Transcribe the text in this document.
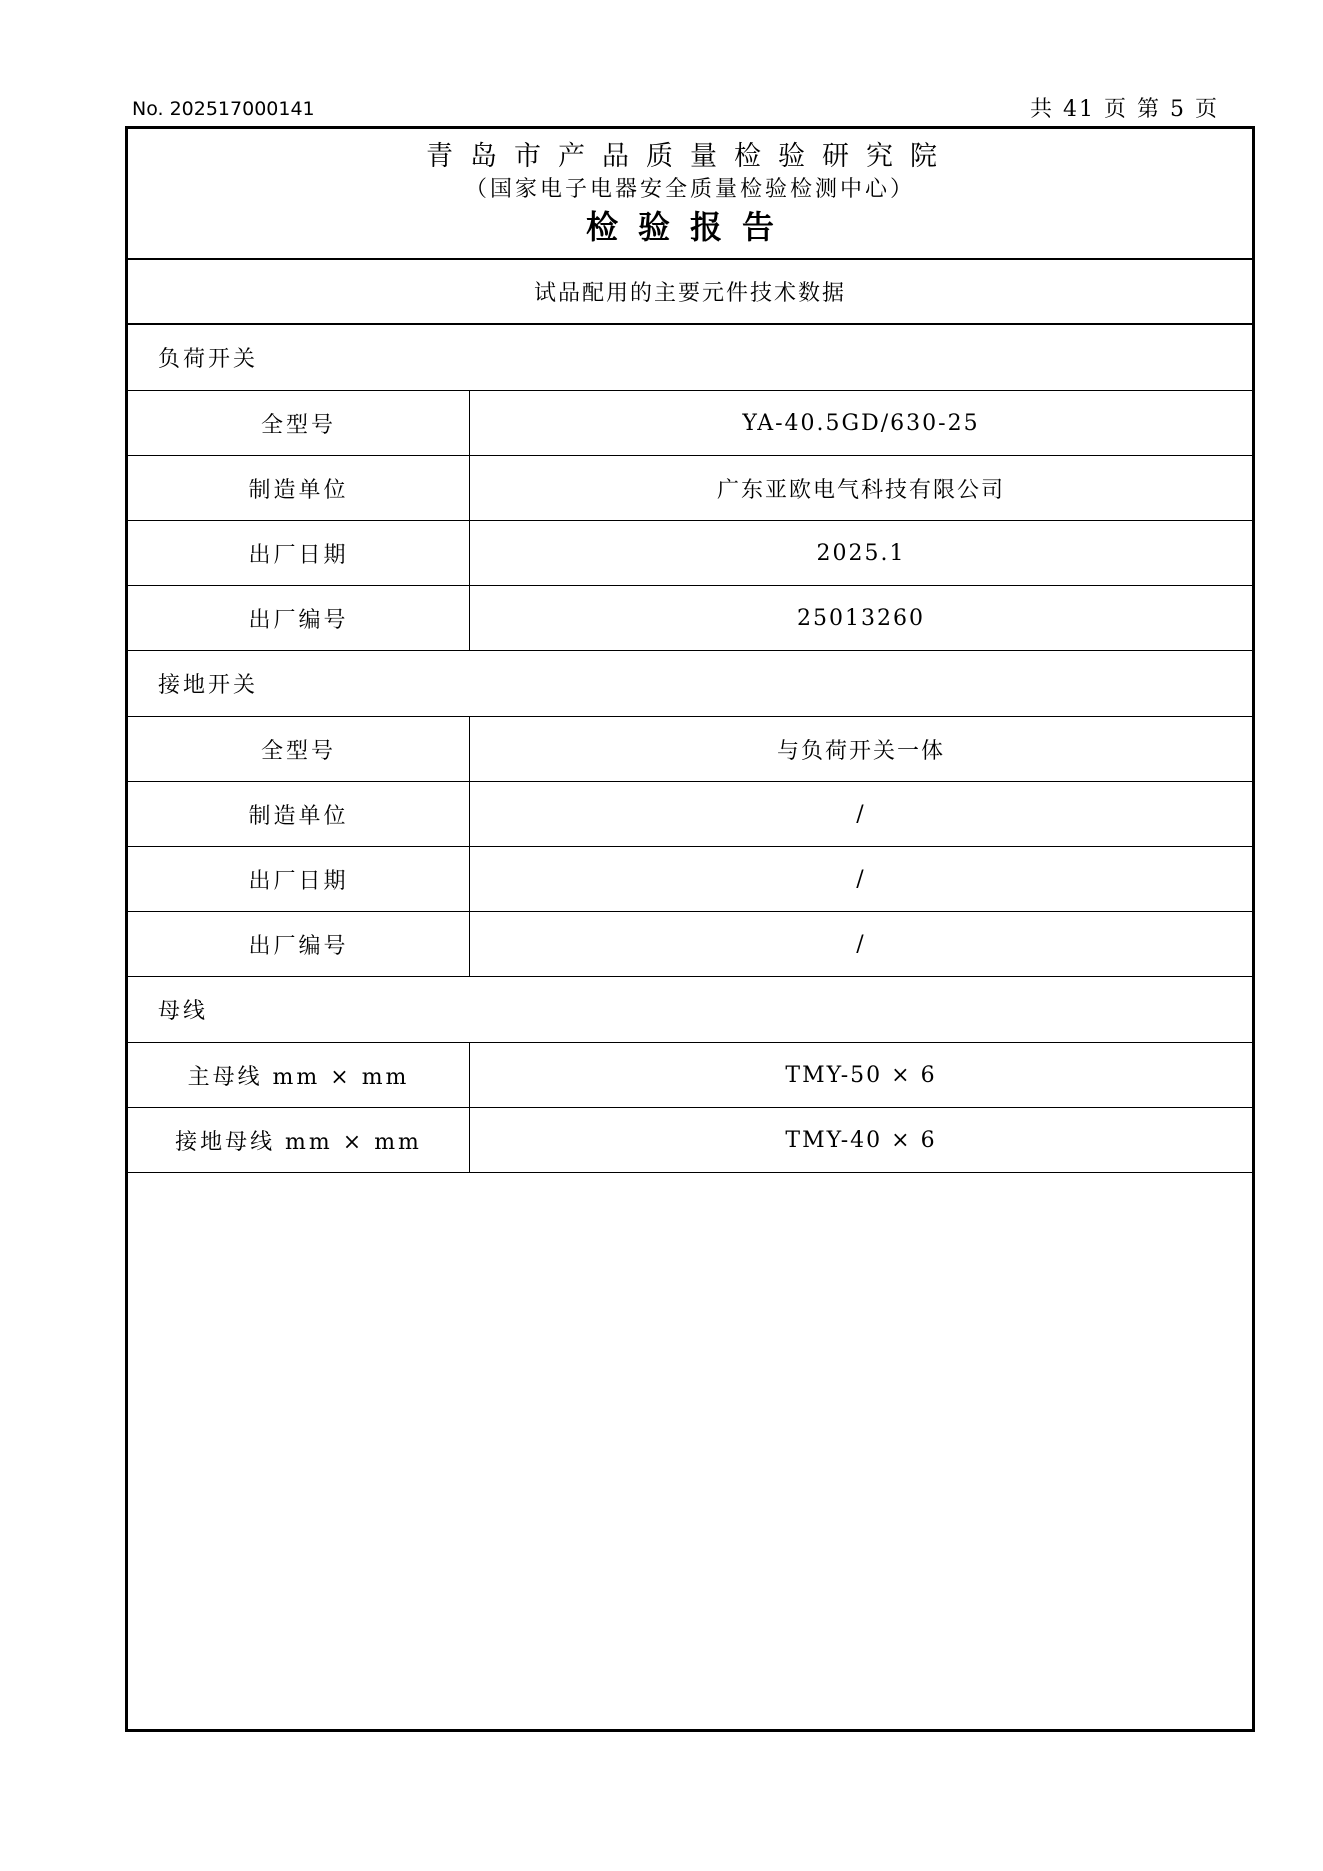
No. 202517000141	共 41 页 第 5 页
青岛市产品质量检验研究院
（国家电子电器安全质量检验检测中心）
检验报告
试品配用的主要元件技术数据
负荷开关
全型号	YA-40.5GD/630-25
制造单位	广东亚欧电气科技有限公司
出厂日期	2025.1
出厂编号	25013260
接地开关
全型号	与负荷开关一体
制造单位	/
出厂日期	/
出厂编号	/
母线
主母线 mm × mm	TMY-50 × 6
接地母线 mm × mm	TMY-40 × 6
